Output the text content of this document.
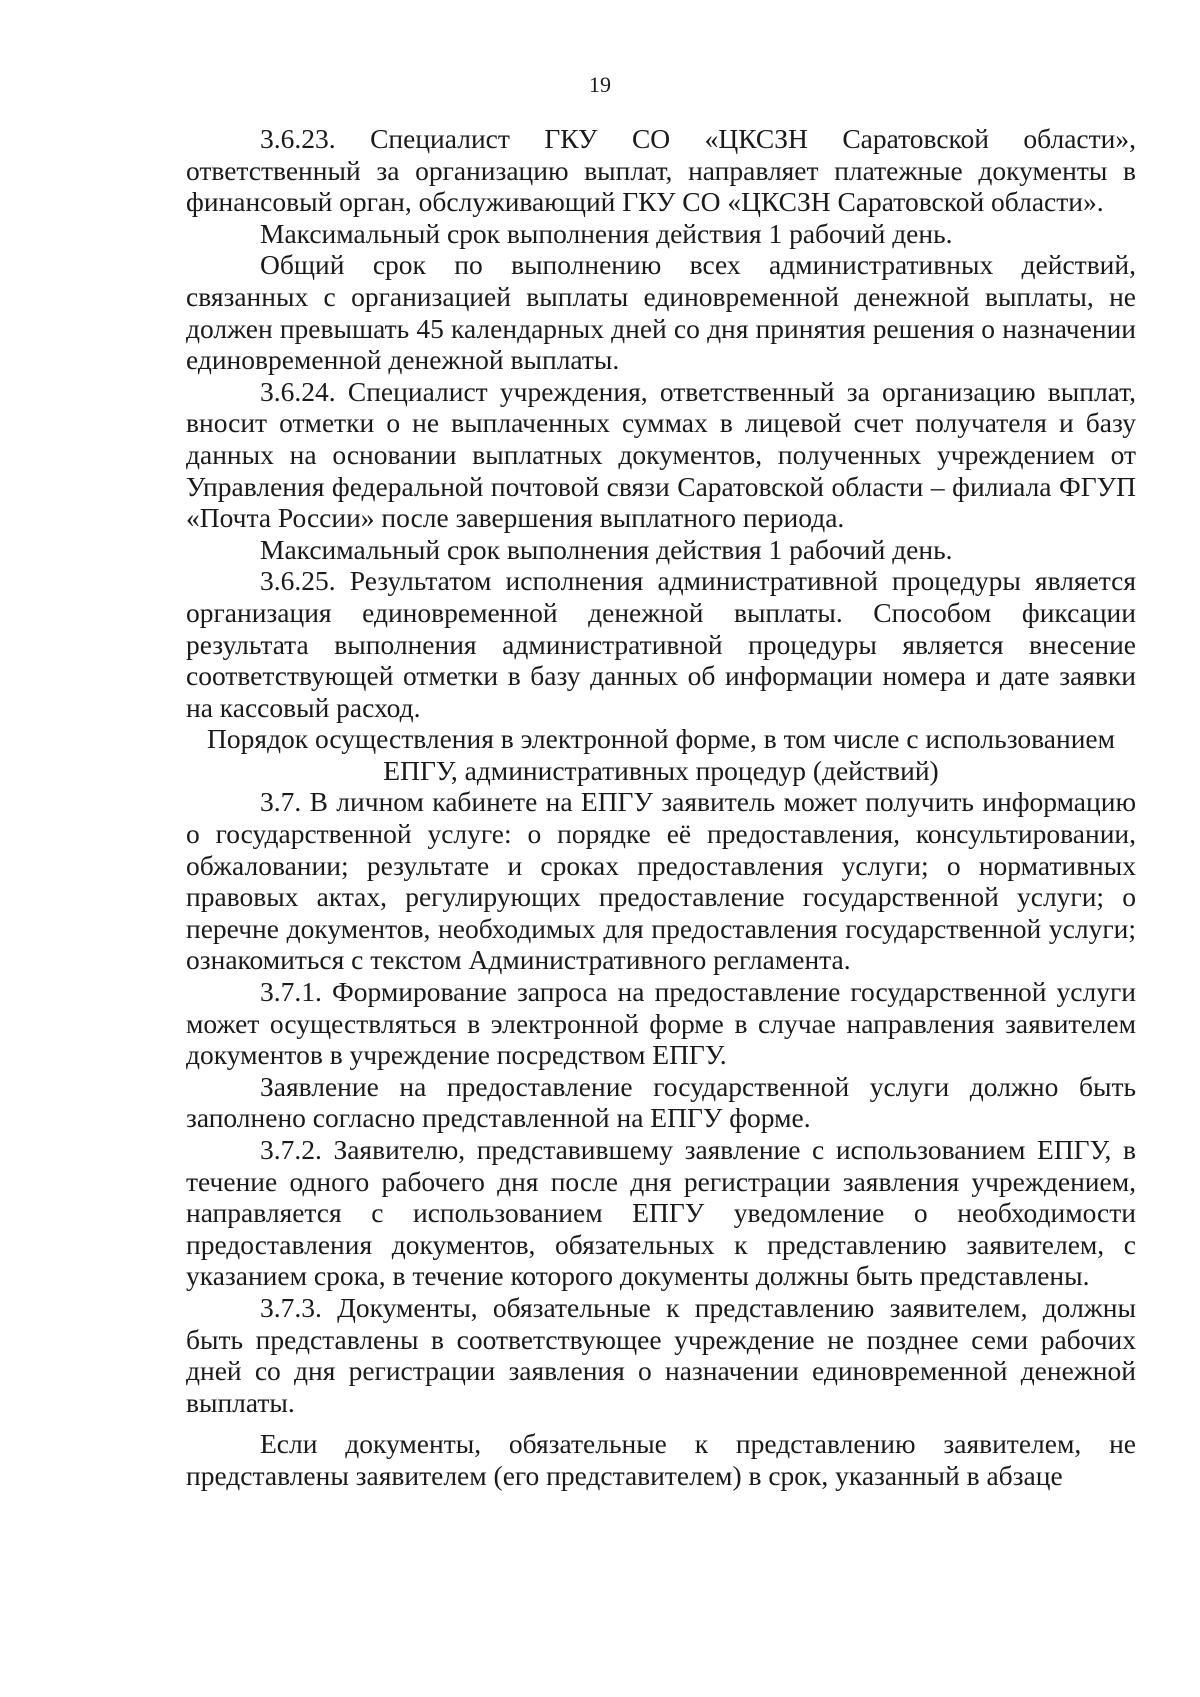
19

3.6.23. Специалист ГКУ СО «ЦКСЗН Саратовской области», ответственный за организацию выплат, направляет платежные документы в финансовый орган, обслуживающий ГКУ СО «ЦКСЗН Саратовской области».

Максимальный срок выполнения действия 1 рабочий день.

Общий срок по выполнению всех административных действий, связанных с организацией выплаты единовременной денежной выплаты, не должен превышать 45 календарных дней со дня принятия решения о назначении единовременной денежной выплаты.

3.6.24. Специалист учреждения, ответственный за организацию выплат, вносит отметки о не выплаченных суммах в лицевой счет получателя и базу данных на основании выплатных документов, полученных учреждением от Управления федеральной почтовой связи Саратовской области – филиала ФГУП «Почта России» после завершения выплатного периода.

Максимальный срок выполнения действия 1 рабочий день.

3.6.25. Результатом исполнения административной процедуры является организация единовременной денежной выплаты. Способом фиксации результата выполнения административной процедуры является внесение соответствующей отметки в базу данных об информации номера и дате заявки на кассовый расход.

Порядок осуществления в электронной форме, в том числе с использованием ЕПГУ, административных процедур (действий)

3.7. В личном кабинете на ЕПГУ заявитель может получить информацию о государственной услуге: о порядке её предоставления, консультировании, обжаловании; результате и сроках предоставления услуги; о нормативных правовых актах, регулирующих предоставление государственной услуги; о перечне документов, необходимых для предоставления государственной услуги; ознакомиться с текстом Административного регламента.

3.7.1. Формирование запроса на предоставление государственной услуги может осуществляться в электронной форме в случае направления заявителем документов в учреждение посредством ЕПГУ.

Заявление на предоставление государственной услуги должно быть заполнено согласно представленной на ЕПГУ форме.

3.7.2. Заявителю, представившему заявление с использованием ЕПГУ, в течение одного рабочего дня после дня регистрации заявления учреждением, направляется с использованием ЕПГУ уведомление о необходимости предоставления документов, обязательных к представлению заявителем, с указанием срока, в течение которого документы должны быть представлены.

3.7.3. Документы, обязательные к представлению заявителем, должны быть представлены в соответствующее учреждение не позднее семи рабочих дней со дня регистрации заявления о назначении единовременной денежной выплаты.

Если документы, обязательные к представлению заявителем, не представлены заявителем (его представителем) в срок, указанный в абзаце
